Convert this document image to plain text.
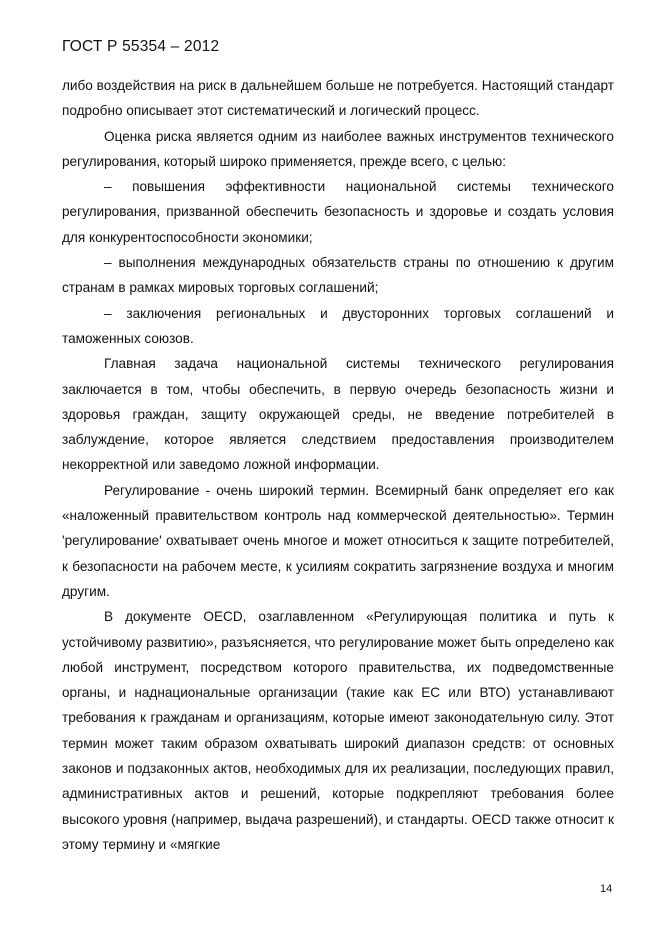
ГОСТ Р 55354 – 2012

либо воздействия на риск в дальнейшем больше не потребуется. Настоящий стандарт подробно описывает этот систематический и логический процесс.

Оценка риска является одним из наиболее важных инструментов технического регулирования, который широко применяется, прежде всего, с целью:

– повышения эффективности национальной системы технического регулирования, призванной обеспечить безопасность и здоровье и создать условия для конкурентоспособности экономики;

– выполнения международных обязательств страны по отношению к другим странам в рамках мировых торговых соглашений;

– заключения региональных и двусторонних торговых соглашений и таможенных союзов.

Главная задача национальной системы технического регулирования заключается в том, чтобы обеспечить, в первую очередь безопасность жизни и здоровья граждан, защиту окружающей среды, не введение потребителей в заблуждение, которое является следствием предоставления производителем некорректной или заведомо ложной информации.

Регулирование - очень широкий термин. Всемирный банк определяет его как «наложенный правительством контроль над коммерческой деятельностью». Термин 'регулирование' охватывает очень многое и может относиться к защите потребителей, к безопасности на рабочем месте, к усилиям сократить загрязнение воздуха и многим другим.

В документе OECD, озаглавленном «Регулирующая политика и путь к устойчивому развитию», разъясняется, что регулирование может быть определено как любой инструмент, посредством которого правительства, их подведомственные органы, и наднациональные организации (такие как ЕС или ВТО) устанавливают требования к гражданам и организациям, которые имеют законодательную силу. Этот термин может таким образом охватывать широкий диапазон средств: от основных законов и подзаконных актов, необходимых для их реализации, последующих правил, административных актов и решений, которые подкрепляют требования более высокого уровня (например, выдача разрешений), и стандарты. OECD также относит к этому термину и «мягкие

14
